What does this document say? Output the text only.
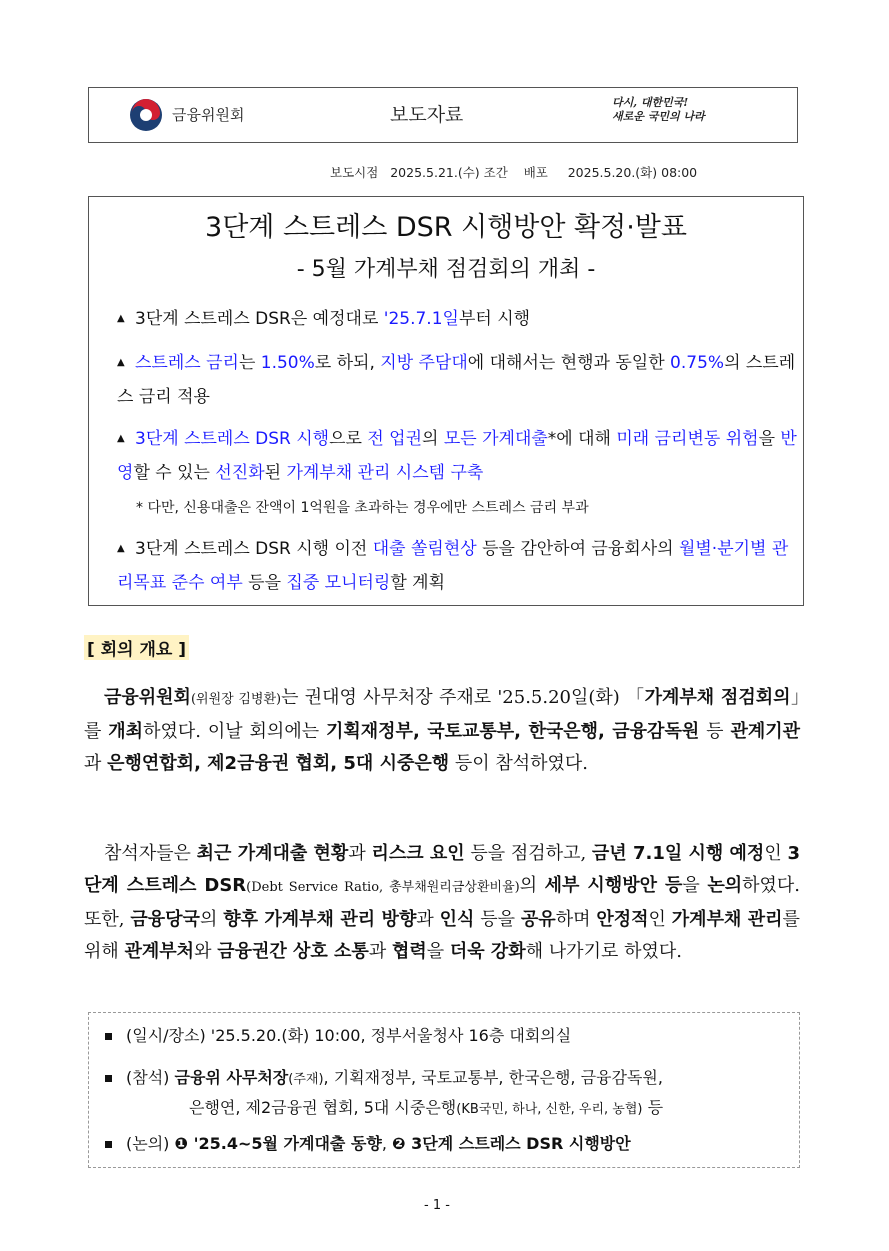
금융위원회	보도자료
다시, 대한민국!
새로운 국민의 나라
보도시점 2025.5.21.(수) 조간 배포 2025.5.20.(화) 08:00
3단계 스트레스 DSR 시행방안 확정·발표
- 5월 가계부채 점검회의 개최 -
▲ 3단계 스트레스 DSR은 예정대로 '25.7.1일부터 시행
▲ 스트레스 금리는 1.50%로 하되, 지방 주담대에 대해서는 현행과 동일한 0.75%의 스트레스 금리 적용
▲ 3단계 스트레스 DSR 시행으로 전 업권의 모든 가계대출*에 대해 미래 금리변동 위험을 반영할 수 있는 선진화된 가계부채 관리 시스템 구축
* 다만, 신용대출은 잔액이 1억원을 초과하는 경우에만 스트레스 금리 부과
▲ 3단계 스트레스 DSR 시행 이전 대출 쏠림현상 등을 감안하여 금융회사의 월별·분기별 관리목표 준수 여부 등을 집중 모니터링할 계획
[ 회의 개요 ]
금융위원회(위원장 김병환)는 권대영 사무처장 주재로 '25.5.20일(화) 「가계부채 점검회의」를 개최하였다. 이날 회의에는 기획재정부, 국토교통부, 한국은행, 금융감독원 등 관계기관과 은행연합회, 제2금융권 협회, 5대 시중은행 등이 참석하였다.
참석자들은 최근 가계대출 현황과 리스크 요인 등을 점검하고, 금년 7.1일 시행 예정인 3단계 스트레스 DSR(Debt Service Ratio, 총부채원리금상환비율)의 세부 시행방안 등을 논의하였다. 또한, 금융당국의 향후 가계부채 관리 방향과 인식 등을 공유하며 안정적인 가계부채 관리를 위해 관계부처와 금융권간 상호 소통과 협력을 더욱 강화해 나가기로 하였다.
(일시/장소) '25.5.20.(화) 10:00, 정부서울청사 16층 대회의실
(참석) 금융위 사무처장(주재), 기획재정부, 국토교통부, 한국은행, 금융감독원,
은행연, 제2금융권 협회, 5대 시중은행(KB국민, 하나, 신한, 우리, 농협) 등
(논의) ❶ '25.4~5월 가계대출 동향, ❷ 3단계 스트레스 DSR 시행방안
- 1 -
